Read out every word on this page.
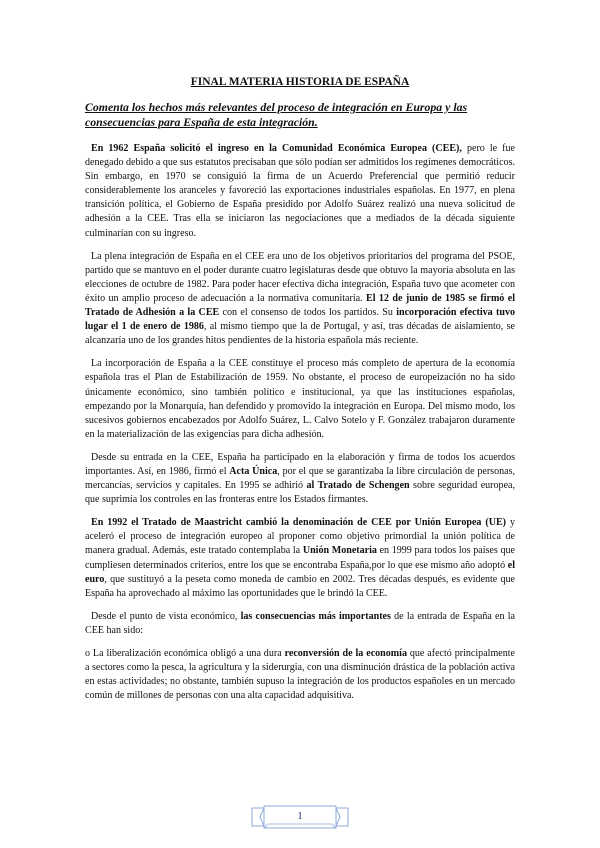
FINAL MATERIA HISTORIA DE ESPAÑA

Comenta los hechos más relevantes del proceso de integración en Europa y las consecuencias para España de esta integración.

En 1962 España solicitó el ingreso en la Comunidad Económica Europea (CEE), pero le fue denegado debido a que sus estatutos precisaban que sólo podían ser admitidos los regímenes democráticos. Sin embargo, en 1970 se consiguió la firma de un Acuerdo Preferencial que permitió reducir considerablemente los aranceles y favoreció las exportaciones industriales españolas. En 1977, en plena transición política, el Gobierno de España presidido por Adolfo Suárez realizó una nueva solicitud de adhesión a la CEE. Tras ella se iniciaron las negociaciones que a mediados de la década siguiente culminarían con su ingreso.

La plena integración de España en el CEE era uno de los objetivos prioritarios del programa del PSOE, partido que se mantuvo en el poder durante cuatro legislaturas desde que obtuvo la mayoría absoluta en las elecciones de octubre de 1982. Para poder hacer efectiva dicha integración, España tuvo que acometer con éxito un amplio proceso de adecuación a la normativa comunitaria. El 12 de junio de 1985 se firmó el Tratado de Adhesión a la CEE con el consenso de todos los partidos. Su incorporación efectiva tuvo lugar el 1 de enero de 1986, al mismo tiempo que la de Portugal, y así, tras décadas de aislamiento, se alcanzaría uno de los grandes hitos pendientes de la historia española más reciente.

La incorporación de España a la CEE constituye el proceso más completo de apertura de la economía española tras el Plan de Estabilización de 1959. No obstante, el proceso de europeización no ha sido únicamente económico, sino también político e institucional, ya que las instituciones españolas, empezando por la Monarquía, han defendido y promovido la integración en Europa. Del mismo modo, los sucesivos gobiernos encabezados por Adolfo Suárez, L. Calvo Sotelo y F. González trabajaron duramente en la materialización de las exigencias para dicha adhesión.

Desde su entrada en la CEE, España ha participado en la elaboración y firma de todos los acuerdos importantes. Así, en 1986, firmó el Acta Única, por el que se garantizaba la libre circulación de personas, mercancías, servicios y capitales. En 1995 se adhirió al Tratado de Schengen sobre seguridad europea, que suprimía los controles en las fronteras entre los Estados firmantes.

En 1992 el Tratado de Maastricht cambió la denominación de CEE por Unión Europea (UE) y aceleró el proceso de integración europeo al proponer como objetivo primordial la unión política de manera gradual. Además, este tratado contemplaba la Unión Monetaria en 1999 para todos los países que cumpliesen determinados criterios, entre los que se encontraba España,por lo que ese mismo año adoptó el euro, que sustituyó a la peseta como moneda de cambio en 2002. Tres décadas después, es evidente que España ha aprovechado al máximo las oportunidades que le brindó la CEE.

Desde el punto de vista económico, las consecuencias más importantes de la entrada de España en la CEE han sido:

o La liberalización económica obligó a una dura reconversión de la economía que afectó principalmente a sectores como la pesca, la agricultura y la siderurgia, con una disminución drástica de la población activa en estas actividades; no obstante, también supuso la integración de los productos españoles en un mercado común de millones de personas con una alta capacidad adquisitiva.

1
